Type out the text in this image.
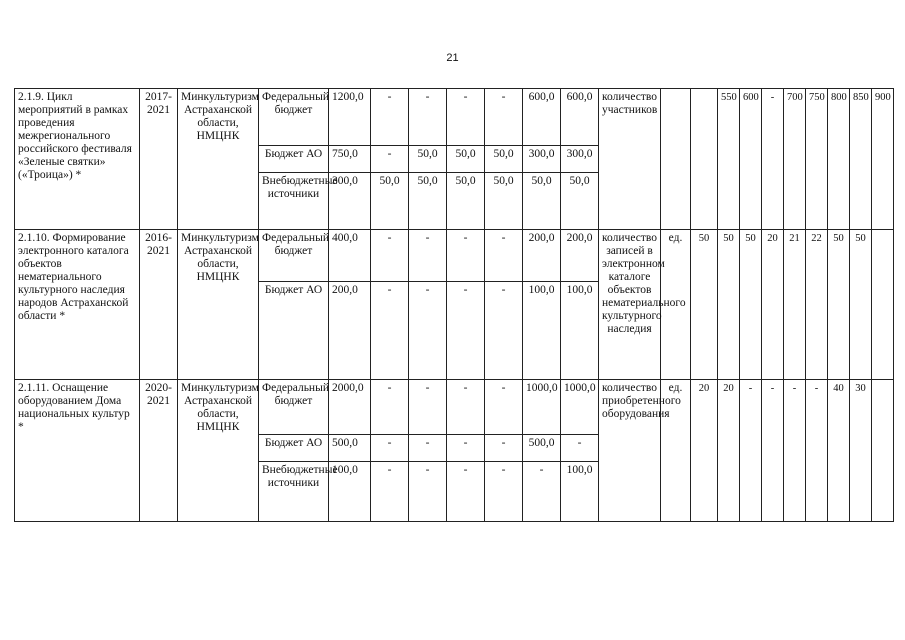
21
2.1.9. Цикл мероприятий в рамках проведения межрегионального российского фестиваля «Зеленые святки» («Троица») *	2017-2021	Минкультуризм Астраханской области, НМЦНК	Федеральный бюджет	1200,0	-	-	-	-	600,0	600,0	количество участников			550	600	-	700	750	800	850	900
			Бюджет АО	750,0	-	50,0	50,0	50,0	300,0	300,0											
			Внебюджетные источники	300,0	50,0	50,0	50,0	50,0	50,0	50,0											
2.1.10. Формирование электронного каталога объектов нематериального культурного наследия народов Астраханской области *	2016-2021	Минкультуризм Астраханской области, НМЦНК	Федеральный бюджет	400,0	-	-	-	-	200,0	200,0	количество записей в электронном каталоге объектов нематериального культурного наследия	ед.	50	50	50	20	21	22	50	50	
			Бюджет АО	200,0	-	-	-	-	100,0	100,0											
2.1.11. Оснащение оборудованием Дома национальных культур *	2020-2021	Минкультуризм Астраханской области, НМЦНК	Федеральный бюджет	2000,0	-	-	-	-	1000,0	1000,0	количество приобретенного оборудования	ед.	20	20	-	-	-	-	40	30	
			Бюджет АО	500,0	-	-	-	-	500,0	-											
			Внебюджетные источники	100,0	-	-	-	-	-	100,0											
